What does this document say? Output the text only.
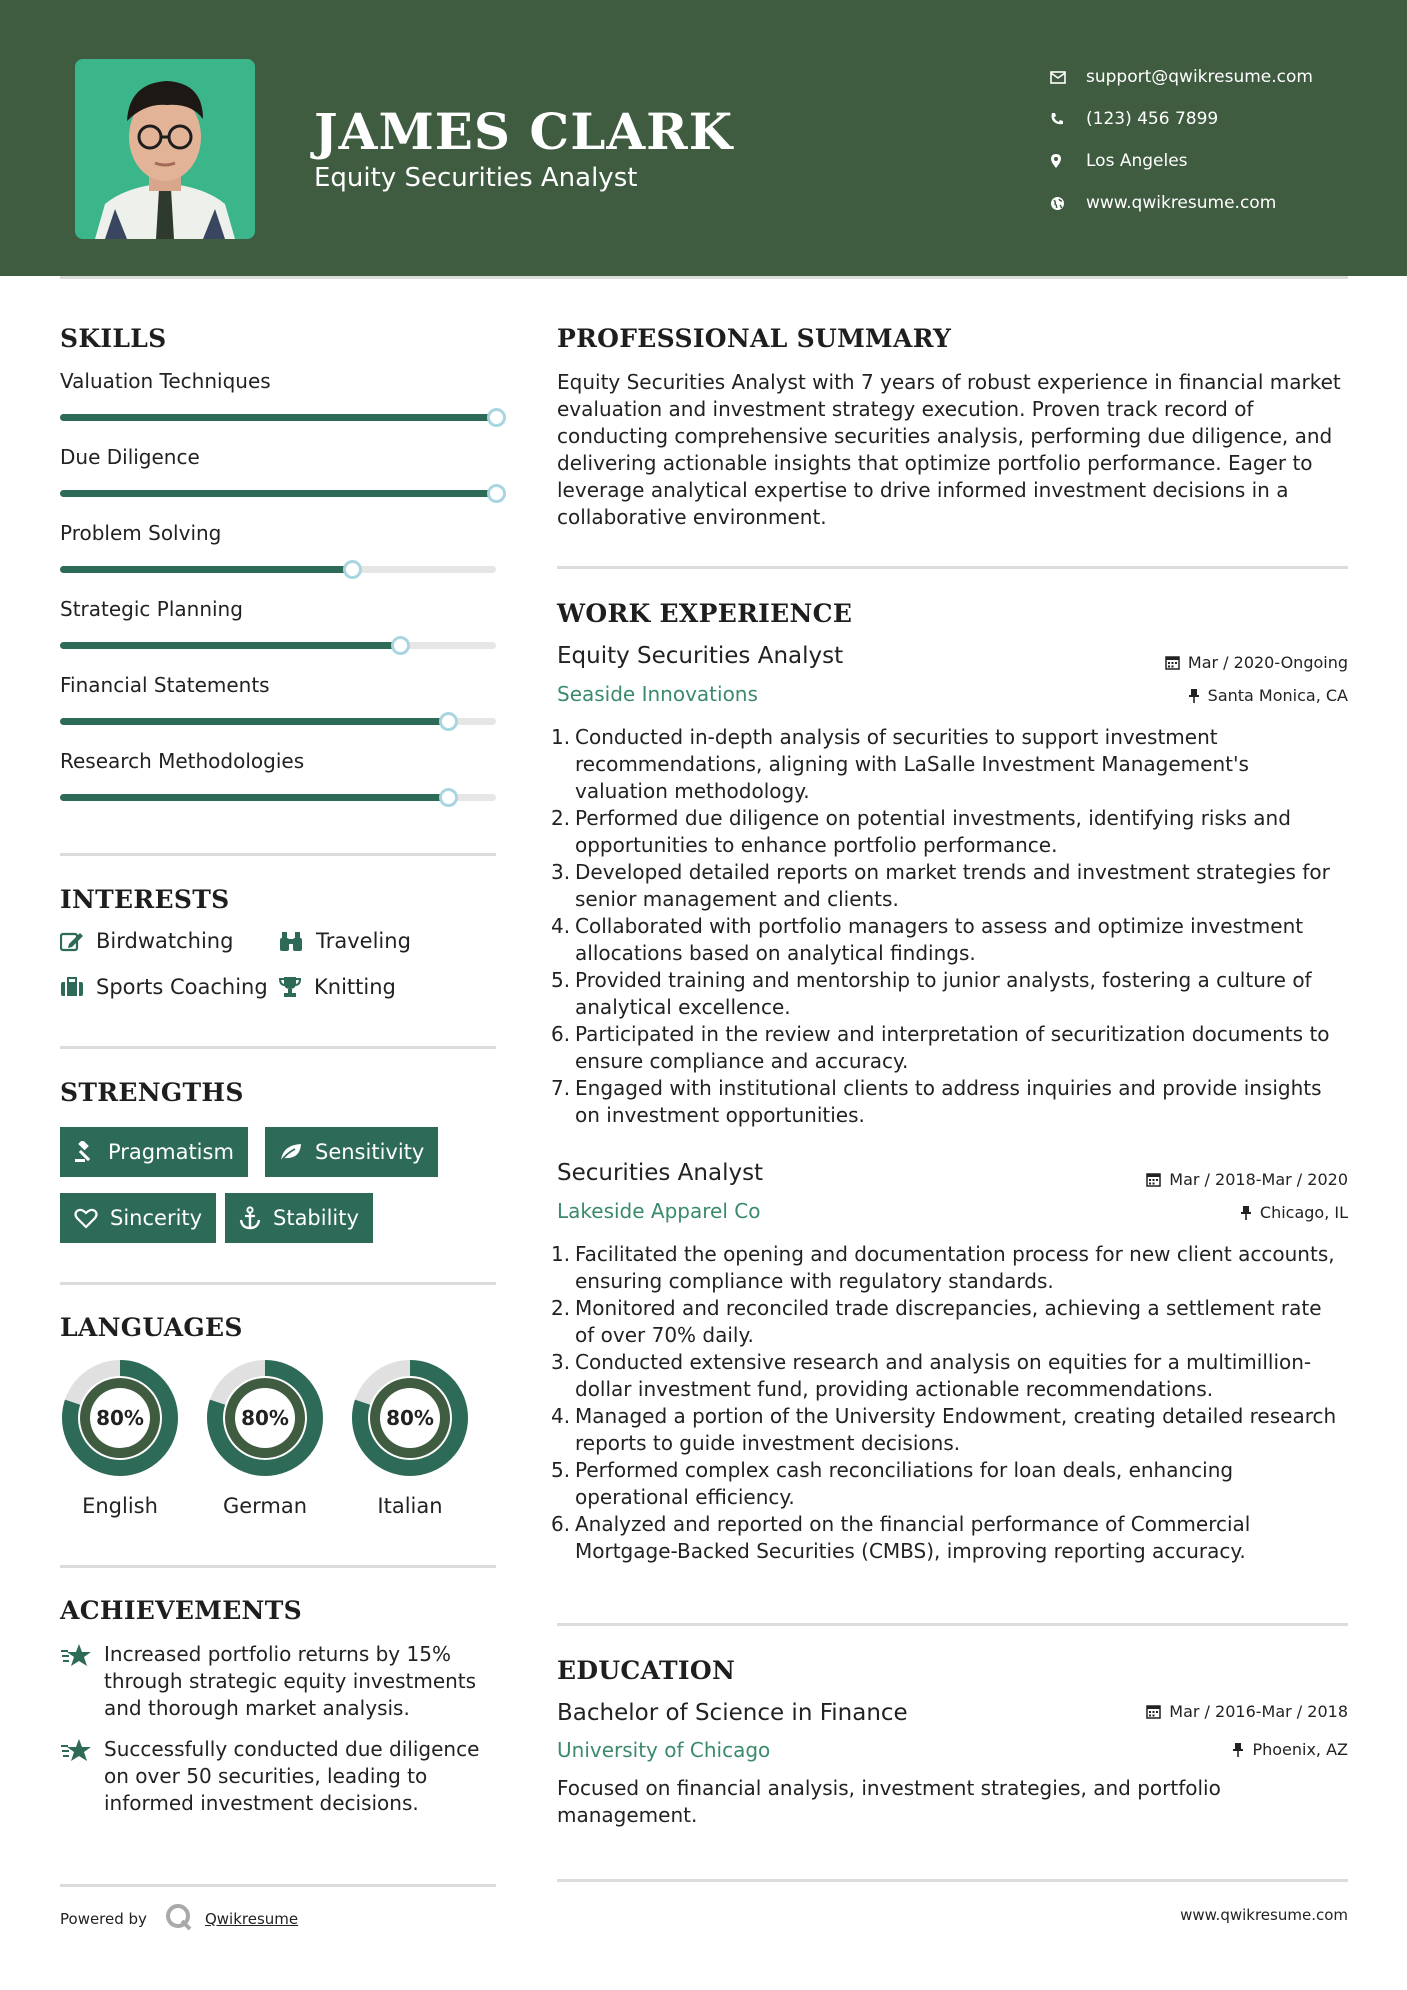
JAMES CLARK
Equity Securities Analyst
support@qwikresume.com
(123) 456 7899
Los Angeles
www.qwikresume.com
SKILLS
Valuation Techniques
Due Diligence
Problem Solving
Strategic Planning
Financial Statements
Research Methodologies
INTERESTS
Birdwatching	Traveling
Sports Coaching Knitting
STRENGTHS
Pragmatism	Sensitivity
Sincerity	Stability
LANGUAGES
80%
English
80%
German
80%
Italian
ACHIEVEMENTS
Increased portfolio returns by 15% through strategic equity investments and thorough market analysis.
Successfully conducted due diligence on over 50 securities, leading to informed investment decisions.
PROFESSIONAL SUMMARY
Equity Securities Analyst with 7 years of robust experience in financial market evaluation and investment strategy execution. Proven track record of conducting comprehensive securities analysis, performing due diligence, and delivering actionable insights that optimize portfolio performance. Eager to leverage analytical expertise to drive informed investment decisions in a collaborative environment.
WORK EXPERIENCE
Equity Securities Analyst	Mar / 2020-Ongoing
Seaside Innovations	Santa Monica, CA
1. Conducted in-depth analysis of securities to support investment recommendations, aligning with LaSalle Investment Management's valuation methodology.
2. Performed due diligence on potential investments, identifying risks and opportunities to enhance portfolio performance.
3. Developed detailed reports on market trends and investment strategies for senior management and clients.
4. Collaborated with portfolio managers to assess and optimize investment allocations based on analytical findings.
5. Provided training and mentorship to junior analysts, fostering a culture of analytical excellence.
6. Participated in the review and interpretation of securitization documents to ensure compliance and accuracy.
7. Engaged with institutional clients to address inquiries and provide insights on investment opportunities.
Securities Analyst	Mar / 2018-Mar / 2020
Lakeside Apparel Co	Chicago, IL
1. Facilitated the opening and documentation process for new client accounts, ensuring compliance with regulatory standards.
2. Monitored and reconciled trade discrepancies, achieving a settlement rate of over 70% daily.
3. Conducted extensive research and analysis on equities for a multimillion-dollar investment fund, providing actionable recommendations.
4. Managed a portion of the University Endowment, creating detailed research reports to guide investment decisions.
5. Performed complex cash reconciliations for loan deals, enhancing operational efficiency.
6. Analyzed and reported on the financial performance of Commercial Mortgage-Backed Securities (CMBS), improving reporting accuracy.
EDUCATION
Bachelor of Science in Finance	Mar / 2016-Mar / 2018
University of Chicago	Phoenix, AZ
Focused on financial analysis, investment strategies, and portfolio management.
Powered by	Qwikresume	www.qwikresume.com
